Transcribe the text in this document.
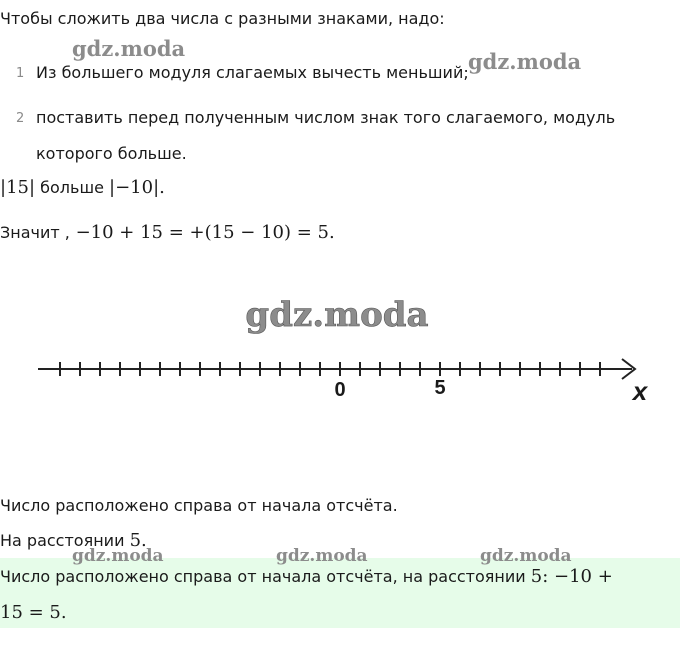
Чтобы сложить два числа с разными знаками, надо:
1 Из большего модуля слагаемых вычесть меньший;
2 поставить перед полученным числом знак того слагаемого, модуль
которого больше.
|15| больше |−10|.
Значит , −10 + 15 = +(15 − 10) = 5.
gdz.moda
0	5	x
Число расположено справа от начала отсчёта.
На расстоянии 5.
Число расположено справа от начала отсчёта, на расстоянии 5: −10 +
15 = 5.
gdz.moda
gdz.moda
gdz.moda	gdz.moda	gdz.moda
